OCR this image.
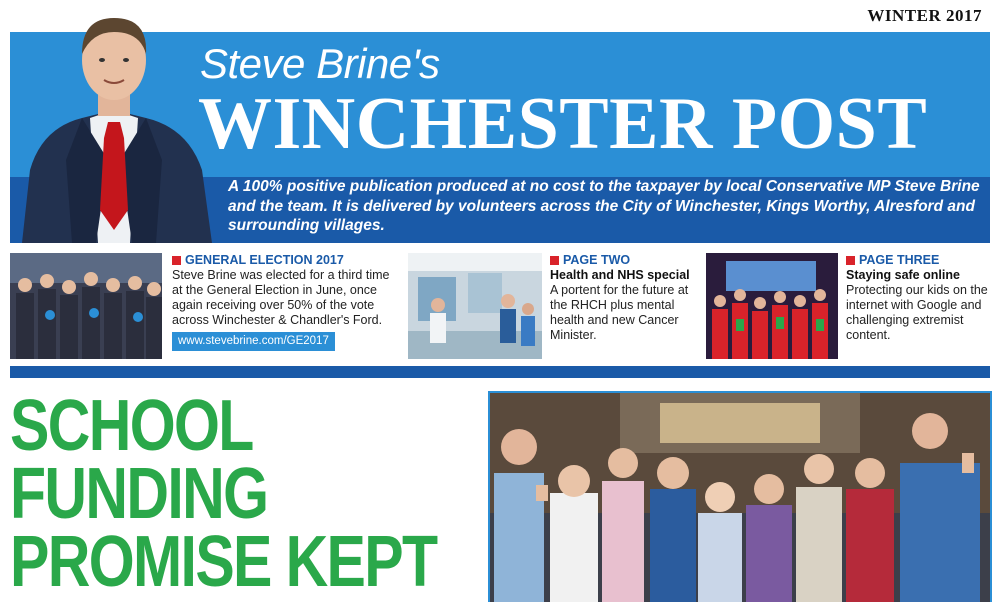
WINTER 2017
Steve Brine's
WINCHESTER POST
A 100% positive publication produced at no cost to the taxpayer by local Conservative MP Steve Brine and the team. It is delivered by volunteers across the City of Winchester, Kings Worthy, Alresford and surrounding villages.
GENERAL ELECTION 2017
Steve Brine was elected for a third time at the General Election in June, once again receiving over 50% of the vote across Winchester & Chandler's Ford.
www.stevebrine.com/GE2017
PAGE TWO
Health and NHS special
A portent for the future at the RHCH plus mental health and new Cancer Minister.
PAGE THREE
Staying safe online
Protecting our kids on the internet with Google and challenging extremist content.
SCHOOL
FUNDING
PROMISE KEPT
